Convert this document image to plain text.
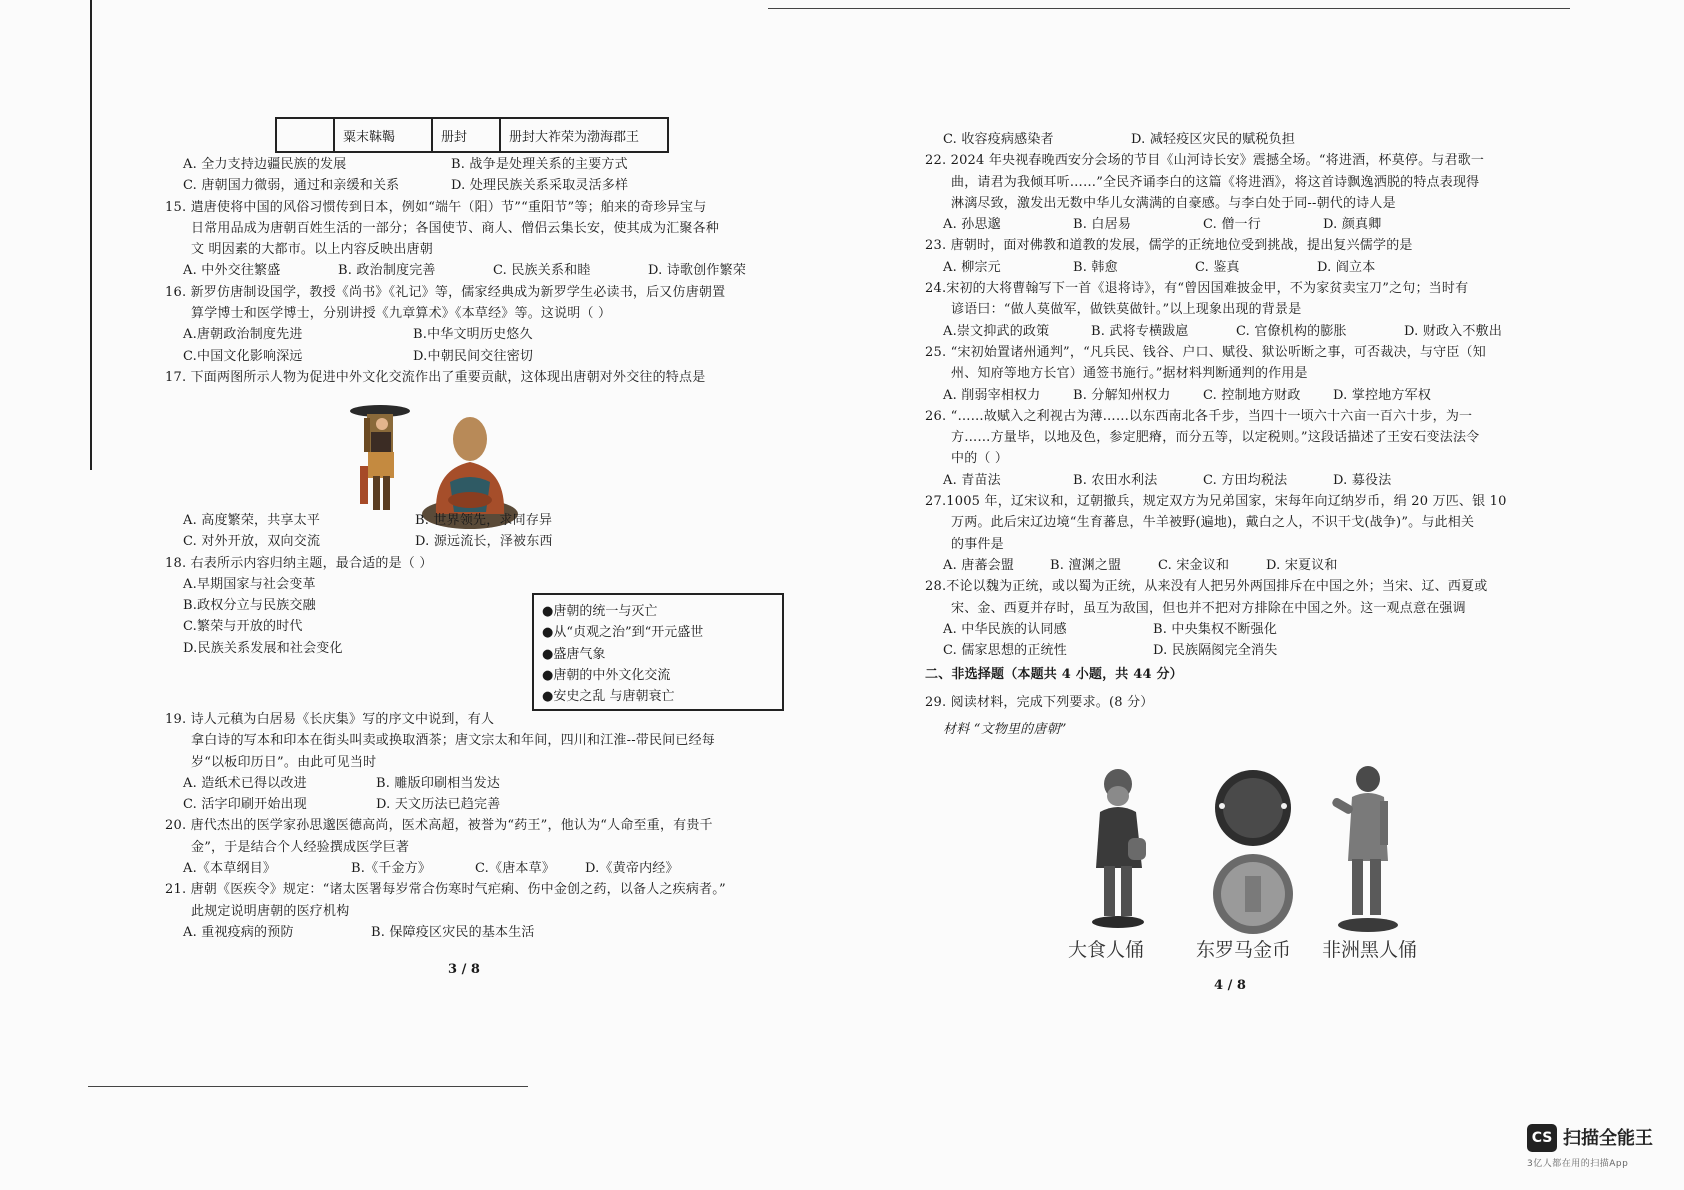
	粟末靺鞨	册封	册封大祚荣为渤海郡王

A. 全力支持边疆民族的发展	B. 战争是处理关系的主要方式

C. 唐朝国力微弱，通过和亲缓和关系	D. 处理民族关系采取灵活多样

15. 遣唐使将中国的风俗习惯传到日本，例如“端午（阳）节”“重阳节”等；舶来的奇珍异宝与

日常用品成为唐朝百姓生活的一部分；各国使节、商人、僧侣云集长安，使其成为汇聚各种

文 明因素的大都市。以上内容反映出唐朝

A. 中外交往繁盛	B. 政治制度完善	C. 民族关系和睦	D. 诗歌创作繁荣

16. 新罗仿唐制设国学，教授《尚书》《礼记》等，儒家经典成为新罗学生必读书，后又仿唐朝置

算学博士和医学博士，分别讲授《九章算术》《本草经》等。这说明（ ）

A.唐朝政治制度先进	B.中华文明历史悠久

C.中国文化影响深远	D.中朝民间交往密切

17. 下面两图所示人物为促进中外文化交流作出了重要贡献，这体现出唐朝对外交往的特点是

A. 高度繁荣，共享太平	B. 世界领先，求同存异

C. 对外开放，双向交流	D. 源远流长，泽被东西

18. 右表所示内容归纳主题，最合适的是（ ）

A.早期国家与社会变革

B.政权分立与民族交融

C.繁荣与开放的时代

D.民族关系发展和社会变化

●唐朝的统一与灭亡

●从“贞观之治”到“开元盛世

●盛唐气象

●唐朝的中外文化交流

●安史之乱 与唐朝衰亡

19. 诗人元稹为白居易《长庆集》写的序文中说到，有人

拿白诗的写本和印本在街头叫卖或换取酒茶；唐文宗太和年间，四川和江淮--带民间已经每

岁“以板印历日”。由此可见当时

A. 造纸术已得以改进	B. 雕版印刷相当发达

C. 活字印刷开始出现	D. 天文历法已趋完善

20. 唐代杰出的医学家孙思邈医德高尚，医术高超，被誉为“药王”，他认为“人命至重，有贵千

金”，于是结合个人经验撰成医学巨著

A.《本草纲目》	B.《千金方》	C.《唐本草》 D.《黄帝内经》

21. 唐朝《医疾令》规定：“诸太医署每岁常合伤寒时气疟痢、伤中金创之药，以备人之疾病者。”

此规定说明唐朝的医疗机构

A. 重视疫病的预防	B. 保障疫区灾民的基本生活

3 / 8

C. 收容疫病感染者	D. 减轻疫区灾民的赋税负担

22. 2024 年央视春晚西安分会场的节目《山河诗长安》震撼全场。“将进酒，杯莫停。与君歌一

曲，请君为我倾耳听……”全民齐诵李白的这篇《将进酒》，将这首诗飘逸洒脱的特点表现得

淋漓尽致，激发出无数中华儿女满满的自豪感。与李白处于同--朝代的诗人是

A. 孙思邈	B. 白居易	C. 僧一行	D. 颜真卿

23. 唐朝时，面对佛教和道教的发展，儒学的正统地位受到挑战，提出复兴儒学的是

A. 柳宗元	B. 韩愈	C. 鉴真	D. 阎立本

24.宋初的大将曹翰写下一首《退将诗》，有“曾因国难披金甲，不为家贫卖宝刀”之句；当时有

谚语曰：“做人莫做军，做铁莫做针。”以上现象出现的背景是

A.崇文抑武的政策	B. 武将专横跋扈	C. 官僚机构的膨胀	D. 财政入不敷出

25. “宋初始置诸州通判”，“凡兵民、钱谷、户口、赋役、狱讼听断之事，可否裁决，与守臣（知

州、知府等地方长官）通签书施行。”据材料判断通判的作用是

A. 削弱宰相权力	B. 分解知州权力 C. 控制地方财政 D. 掌控地方军权

26. “……故赋入之利视古为薄……以东西南北各千步，当四十一顷六十六亩一百六十步，为一

方……方量毕，以地及色，参定肥瘠，而分五等，以定税则。”这段话描述了王安石变法法令

中的（ ）

A. 青苗法	B. 农田水利法	C. 方田均税法	D. 募役法

27.1005 年，辽宋议和，辽朝撤兵，规定双方为兄弟国家，宋每年向辽纳岁币，绢 20 万匹、银 10

万两。此后宋辽边境“生育蕃息，牛羊被野(遍地)，戴白之人，不识干戈(战争)”。与此相关

的事件是

A. 唐蕃会盟	B. 澶渊之盟	C. 宋金议和	D. 宋夏议和

28.不论以魏为正统，或以蜀为正统，从来没有人把另外两国排斥在中国之外；当宋、辽、西夏或

宋、金、西夏并存时，虽互为敌国，但也并不把对方排除在中国之外。这一观点意在强调

A. 中华民族的认同感	B. 中央集权不断强化

C. 儒家思想的正统性	D. 民族隔阂完全消失

二、非选择题（本题共 4 小题，共 44 分）

29. 阅读材料，完成下列要求。(8 分）

材料 “文物里的唐朝”

大食人俑	东罗马金币 非洲黑人俑
4 / 8
CS 扫描全能王
3亿人都在用的扫描App
